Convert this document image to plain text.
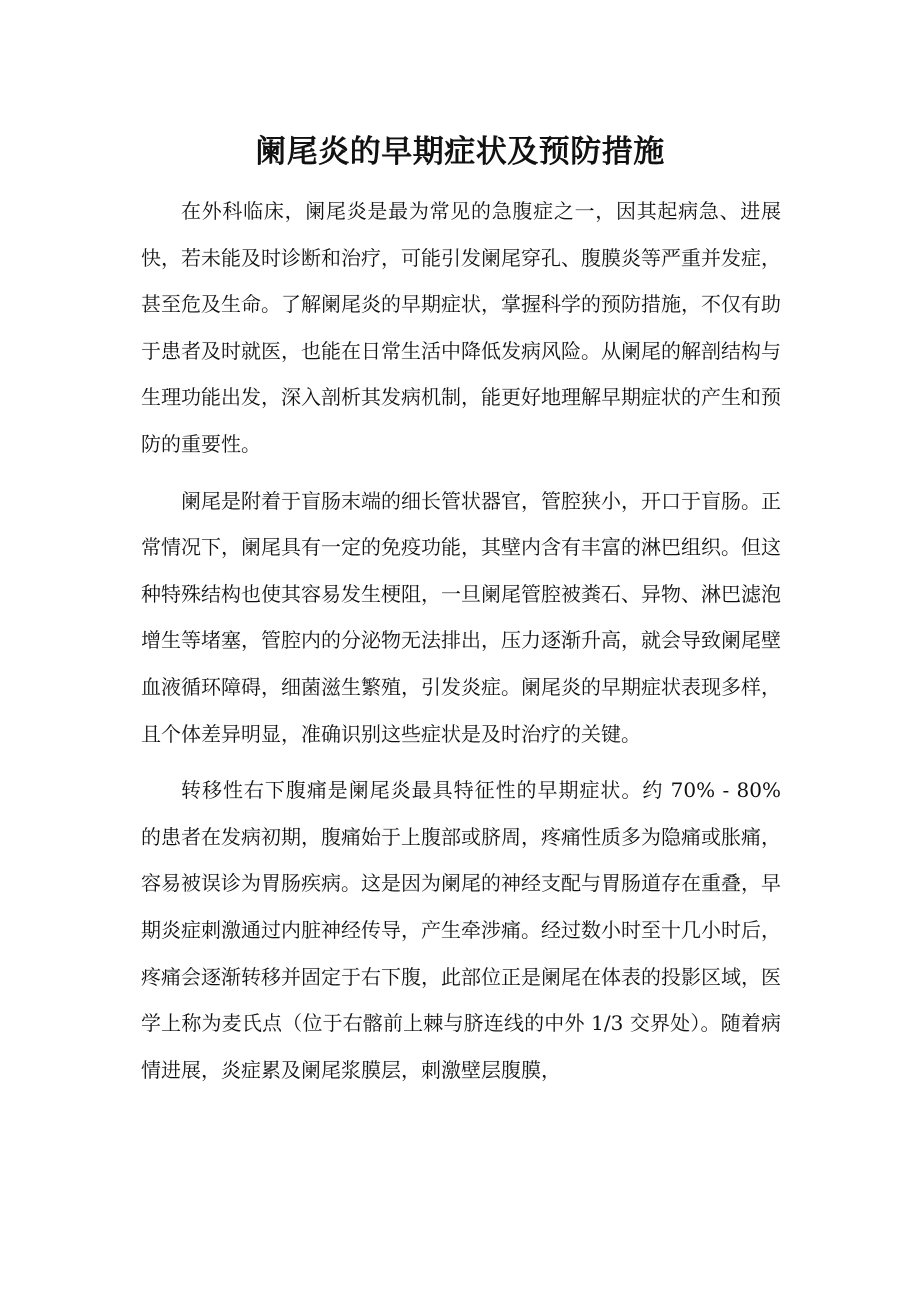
阑尾炎的早期症状及预防措施

在外科临床，阑尾炎是最为常见的急腹症之一，因其起病急、进展快，若未能及时诊断和治疗，可能引发阑尾穿孔、腹膜炎等严重并发症，甚至危及生命。了解阑尾炎的早期症状，掌握科学的预防措施，不仅有助于患者及时就医，也能在日常生活中降低发病风险。从阑尾的解剖结构与生理功能出发，深入剖析其发病机制，能更好地理解早期症状的产生和预防的重要性。

阑尾是附着于盲肠末端的细长管状器官，管腔狭小，开口于盲肠。正常情况下，阑尾具有一定的免疫功能，其壁内含有丰富的淋巴组织。但这种特殊结构也使其容易发生梗阻，一旦阑尾管腔被粪石、异物、淋巴滤泡增生等堵塞，管腔内的分泌物无法排出，压力逐渐升高，就会导致阑尾壁血液循环障碍，细菌滋生繁殖，引发炎症。阑尾炎的早期症状表现多样，且个体差异明显，准确识别这些症状是及时治疗的关键。

转移性右下腹痛是阑尾炎最具特征性的早期症状。约 70% - 80% 的患者在发病初期，腹痛始于上腹部或脐周，疼痛性质多为隐痛或胀痛，容易被误诊为胃肠疾病。这是因为阑尾的神经支配与胃肠道存在重叠，早期炎症刺激通过内脏神经传导，产生牵涉痛。经过数小时至十几小时后，疼痛会逐渐转移并固定于右下腹，此部位正是阑尾在体表的投影区域，医学上称为麦氏点（位于右髂前上棘与脐连线的中外 1/3 交界处）。随着病情进展，炎症累及阑尾浆膜层，刺激壁层腹膜，
